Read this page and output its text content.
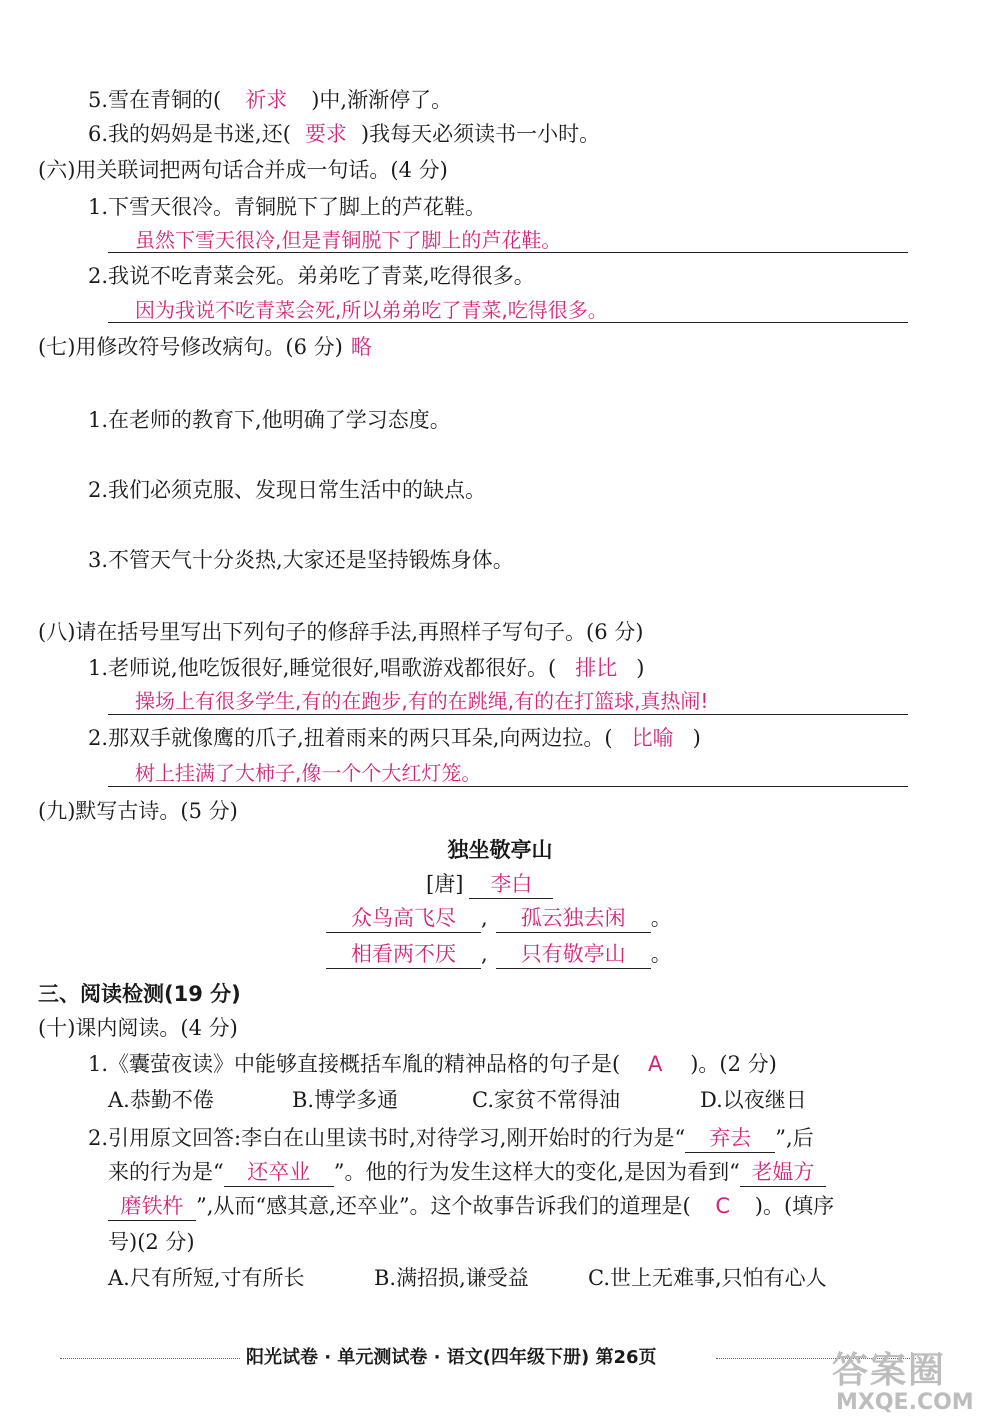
5.雪在青铜的( 祈求 )中,渐渐停了。
6.我的妈妈是书迷,还( 要求 )我每天必须读书一小时。
(六)用关联词把两句话合并成一句话。(4 分)
1.下雪天很冷。青铜脱下了脚上的芦花鞋。
虽然下雪天很冷,但是青铜脱下了脚上的芦花鞋。
2.我说不吃青菜会死。弟弟吃了青菜,吃得很多。
因为我说不吃青菜会死,所以弟弟吃了青菜,吃得很多。
(七)用修改符号修改病句。(6 分) 略
1.在老师的教育下,他明确了学习态度。
2.我们必须克服、发现日常生活中的缺点。
3.不管天气十分炎热,大家还是坚持锻炼身体。
(八)请在括号里写出下列句子的修辞手法,再照样子写句子。(6 分)
1.老师说,他吃饭很好,睡觉很好,唱歌游戏都很好。( 排比 )
操场上有很多学生,有的在跑步,有的在跳绳,有的在打篮球,真热闹!
2.那双手就像鹰的爪子,扭着雨来的两只耳朵,向两边拉。( 比喻 )
树上挂满了大柿子,像一个个大红灯笼。
(九)默写古诗。(5 分)
独坐敬亭山
[唐] 李白
众鸟高飞尽 , 孤云独去闲 。
相看两不厌 , 只有敬亭山 。
三、阅读检测(19 分)
(十)课内阅读。(4 分)
1.《囊萤夜读》中能够直接概括车胤的精神品格的句子是( A )。(2 分)
A.恭勤不倦	B.博学多通	C.家贫不常得油	D.以夜继日
2.引用原文回答:李白在山里读书时,对待学习,刚开始时的行为是“ 弃去 ”,后
来的行为是“ 还卒业 ”。他的行为发生这样大的变化,是因为看到“ 老媪方
磨铁杵 ”,从而“感其意,还卒业”。这个故事告诉我们的道理是( C )。(填序
号)(2 分)
A.尺有所短,寸有所长	B.满招损,谦受益	C.世上无难事,只怕有心人
阳光试卷 · 单元测试卷 · 语文(四年级下册) 第26页	答案圈
MXQE.COM
